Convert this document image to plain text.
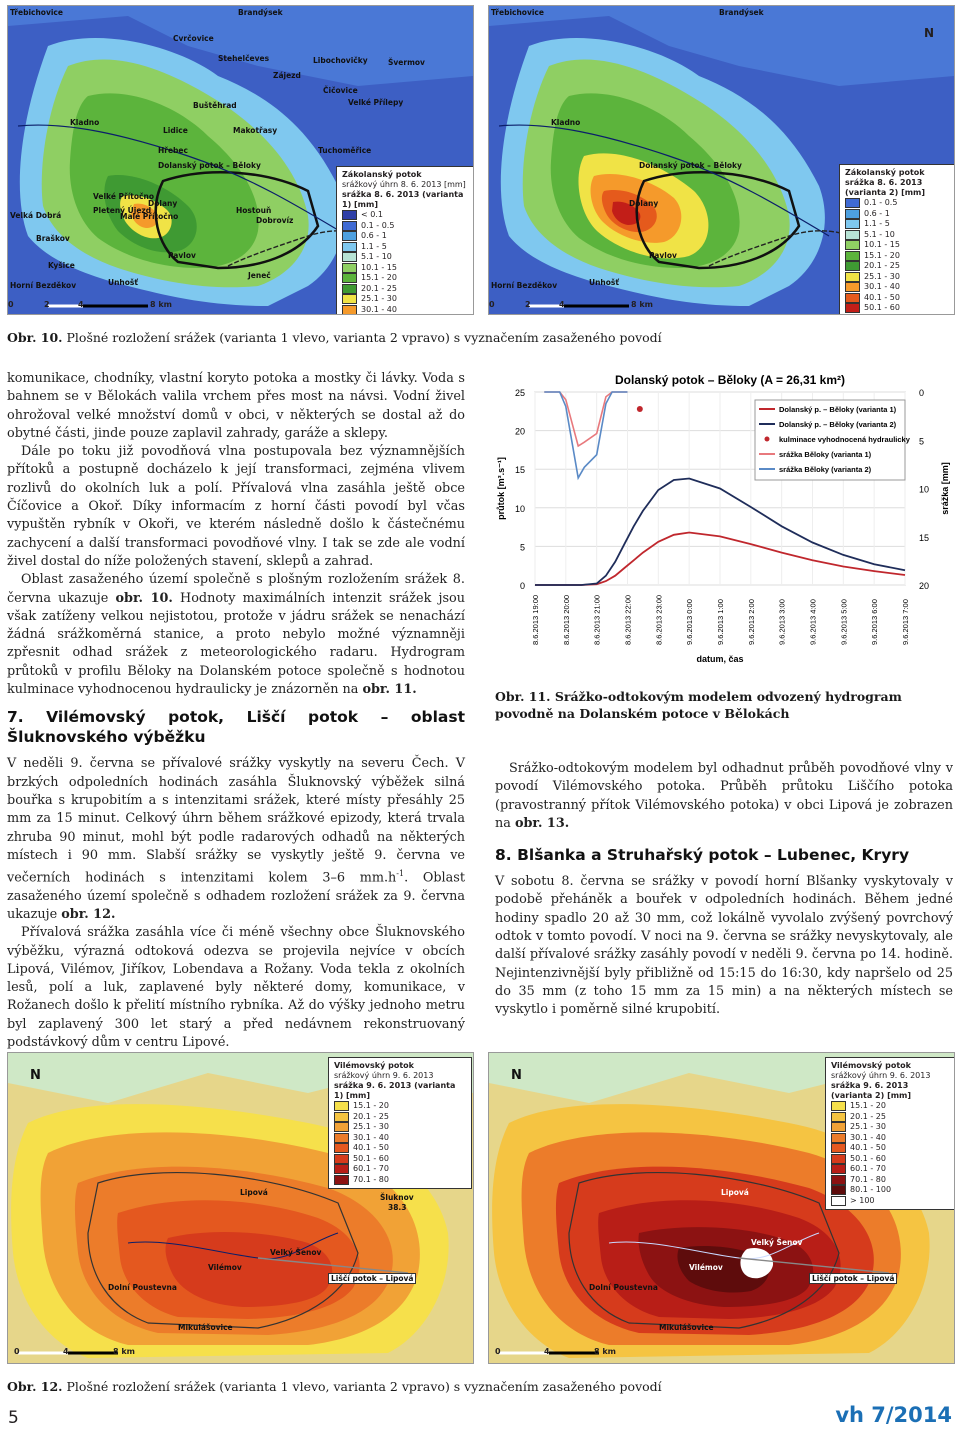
Třebichovice	Brandýsek
Cvrčovice
Stehelčeves	Libochovičky	Švermov
Zájezd
Kladno
Buštěhrad	Velké Přílepy
Čičovice
Hřebec
Lidice	Makotřasy
Tuchoměřice
Dolanský potok – Běloky
Dolany
Velké Přítočno
Pletený Újezd
Malé Přítočno
Velká Dobrá
Braškov
Pavlov
Hostouň
Dobrovíz
Kyšice
Unhošť
Jeneč
Horní Bezděkov
0	2	4	8 km
Zákolanský potok
srážkový úhrn 8. 6. 2013 [mm]
srážka 8. 6. 2013 (varianta 1) [mm]
< 0.1
0.1 - 0.5
0.6 - 1
1.1 - 5
5.1 - 10
10.1 - 15
15.1 - 20
20.1 - 25
25.1 - 30
30.1 - 40
Třebichovice	Brandýsek
Kladno
Dolanský potok – Běloky
Dolany
Pavlov
Unhošť
Horní Bezděkov
0	2	4	8 km
N
Zákolanský potok
srážka 8. 6. 2013 (varianta 2) [mm]
0.1 - 0.5
0.6 - 1
1.1 - 5
5.1 - 10
10.1 - 15
15.1 - 20
20.1 - 25
25.1 - 30
30.1 - 40
40.1 - 50
50.1 - 60
Obr. 10. Plošné rozložení srážek (varianta 1 vlevo, varianta 2 vpravo) s vyznačením zasaženého povodí

komunikace, chodníky, vlastní koryto potoka a mostky či lávky. Voda s bahnem se v Bělokách valila vrchem přes most na návsi. Vodní živel ohrožoval velké množství domů v obci, v některých se dostal až do obytné části, jinde pouze zaplavil zahrady, garáže a sklepy.

Dále po toku již povodňová vlna postupovala bez významnějších přítoků a postupně docházelo k její transformaci, zejména vlivem rozlivů do okolních luk a polí. Přívalová vlna zasáhla ještě obce Číčovice a Okoř. Díky informacím z horní části povodí byl včas vypuštěn rybník v Okoři, ve kterém následně došlo k částečnému zachycení a další transformaci povodňové vlny. I tak se zde ale vodní živel dostal do níže položených stavení, sklepů a zahrad.

Oblast zasaženého území společně s plošným rozložením srážek 8. června ukazuje obr. 10. Hodnoty maximálních intenzit srážek jsou však zatíženy velkou nejistotou, protože v jádru srážek se nenachází žádná srážkoměrná stanice, a proto nebylo možné významněji zpřesnit odhad srážek z meteorologického radaru. Hydrogram průtoků v profilu Běloky na Dolanském potoce společně s hodnotou kulminace vyhodnocenou hydraulicky je znázorněn na obr. 11.

7. Vilémovský potok, Liščí potok – oblast Šluknovského výběžku

V neděli 9. června se přívalové srážky vyskytly na severu Čech. V brzkých odpoledních hodinách zasáhla Šluknovský výběžek silná bouřka s krupobitím a s intenzitami srážek, které místy přesáhly 25 mm za 15 minut. Celkový úhrn během srážkové epizody, která trvala zhruba 90 minut, mohl být podle radarových odhadů na některých místech i 90 mm. Slabší srážky se vyskytly ještě 9. června ve večerních hodinách s intenzitami kolem 3–6 $mm.h^{-1}$. Oblast zasaženého území společně s odhadem rozložení srážek za 9. června ukazuje obr. 12.

Přívalová srážka zasáhla více či méně všechny obce Šluknovského výběžku, výrazná odtoková odezva se projevila nejvíce v obcích Lipová, Vilémov, Jiříkov, Lobendava a Rožany. Voda tekla z okolních lesů, polí a luk, zaplavené byly některé domy, komunikace, v Rožanech došlo k přelití místního rybníka. Až do výšky jednoho metru byl zaplavený 300 let starý a před nedávnem rekonstruovaný podstávkový dům v centru Lipové.

0
5
10
15
20
25	0
5
10
15
20
8.6.2013 19:00	8.6.2013 20:00	8.6.2013 21:00	8.6.2013 22:00	8.6.2013 23:00	9.6.2013 0:00	9.6.2013 1:00	9.6.2013 2:00	9.6.2013 3:00	9.6.2013 4:00	9.6.2013 5:00	9.6.2013 6:00	9.6.2013 7:00
Dolanský potok – Běloky (A = 26,31 km²)
datum, čas
průtok [m³.s⁻¹]	srážka [mm]
Dolanský p. – Běloky (varianta 1)
Dolanský p. – Běloky (varianta 2)
kulminace vyhodnocená hydraulicky
srážka Běloky (varianta 1)
srážka Běloky (varianta 2)
Obr. 11. Srážko-odtokovým modelem odvozený hydrogram povodně na Dolanském potoce v Bělokách

Srážko-odtokovým modelem byl odhadnut průběh povodňové vlny v povodí Vilémovského potoka. Průběh průtoku Liščího potoka (pravostranný přítok Vilémovského potoka) v obci Lipová je zobrazen na obr. 13.

8. Blšanka a Struhařský potok – Lubenec, Kryry

V sobotu 8. června se srážky v povodí horní Blšanky vyskytovaly v podobě přeháněk a bouřek v odpoledních hodinách. Během jedné hodiny spadlo 20 až 30 mm, což lokálně vyvolalo zvýšený povrchový odtok v tomto povodí. V noci na 9. června se srážky nevyskytovaly, ale další přívalové srážky zasáhly povodí v neděli 9. června po 14. hodině. Nejintenzivnější byly přibližně od 15:15 do 16:30, kdy napršelo od 25 do 35 mm (z toho 15 mm za 15 min) a na některých místech se vyskytlo i poměrně silné krupobití.

N
Lipová
38.3
Šluknov
Vilémov
Velký Šenov
Dolní Poustevna
Mikulášovice
Liščí potok – Lipová
0	4	8 km
Vilémovský potok
srážkový úhrn 9. 6. 2013
srážka 9. 6. 2013 (varianta 1) [mm]
15.1 - 20
20.1 - 25
25.1 - 30
30.1 - 40
40.1 - 50
50.1 - 60
60.1 - 70
70.1 - 80
N
Lipová
Vilémov
Velký Šenov
Dolní Poustevna
Mikulášovice
Liščí potok – Lipová
0	4	8 km
Vilémovský potok
srážkový úhrn 9. 6. 2013
srážka 9. 6. 2013 (varianta 2) [mm]
15.1 - 20
20.1 - 25
25.1 - 30
30.1 - 40
40.1 - 50
50.1 - 60
60.1 - 70
70.1 - 80
80.1 - 100
> 100
Obr. 12. Plošné rozložení srážek (varianta 1 vlevo, varianta 2 vpravo) s vyznačením zasaženého povodí
5	vh 7/2014
